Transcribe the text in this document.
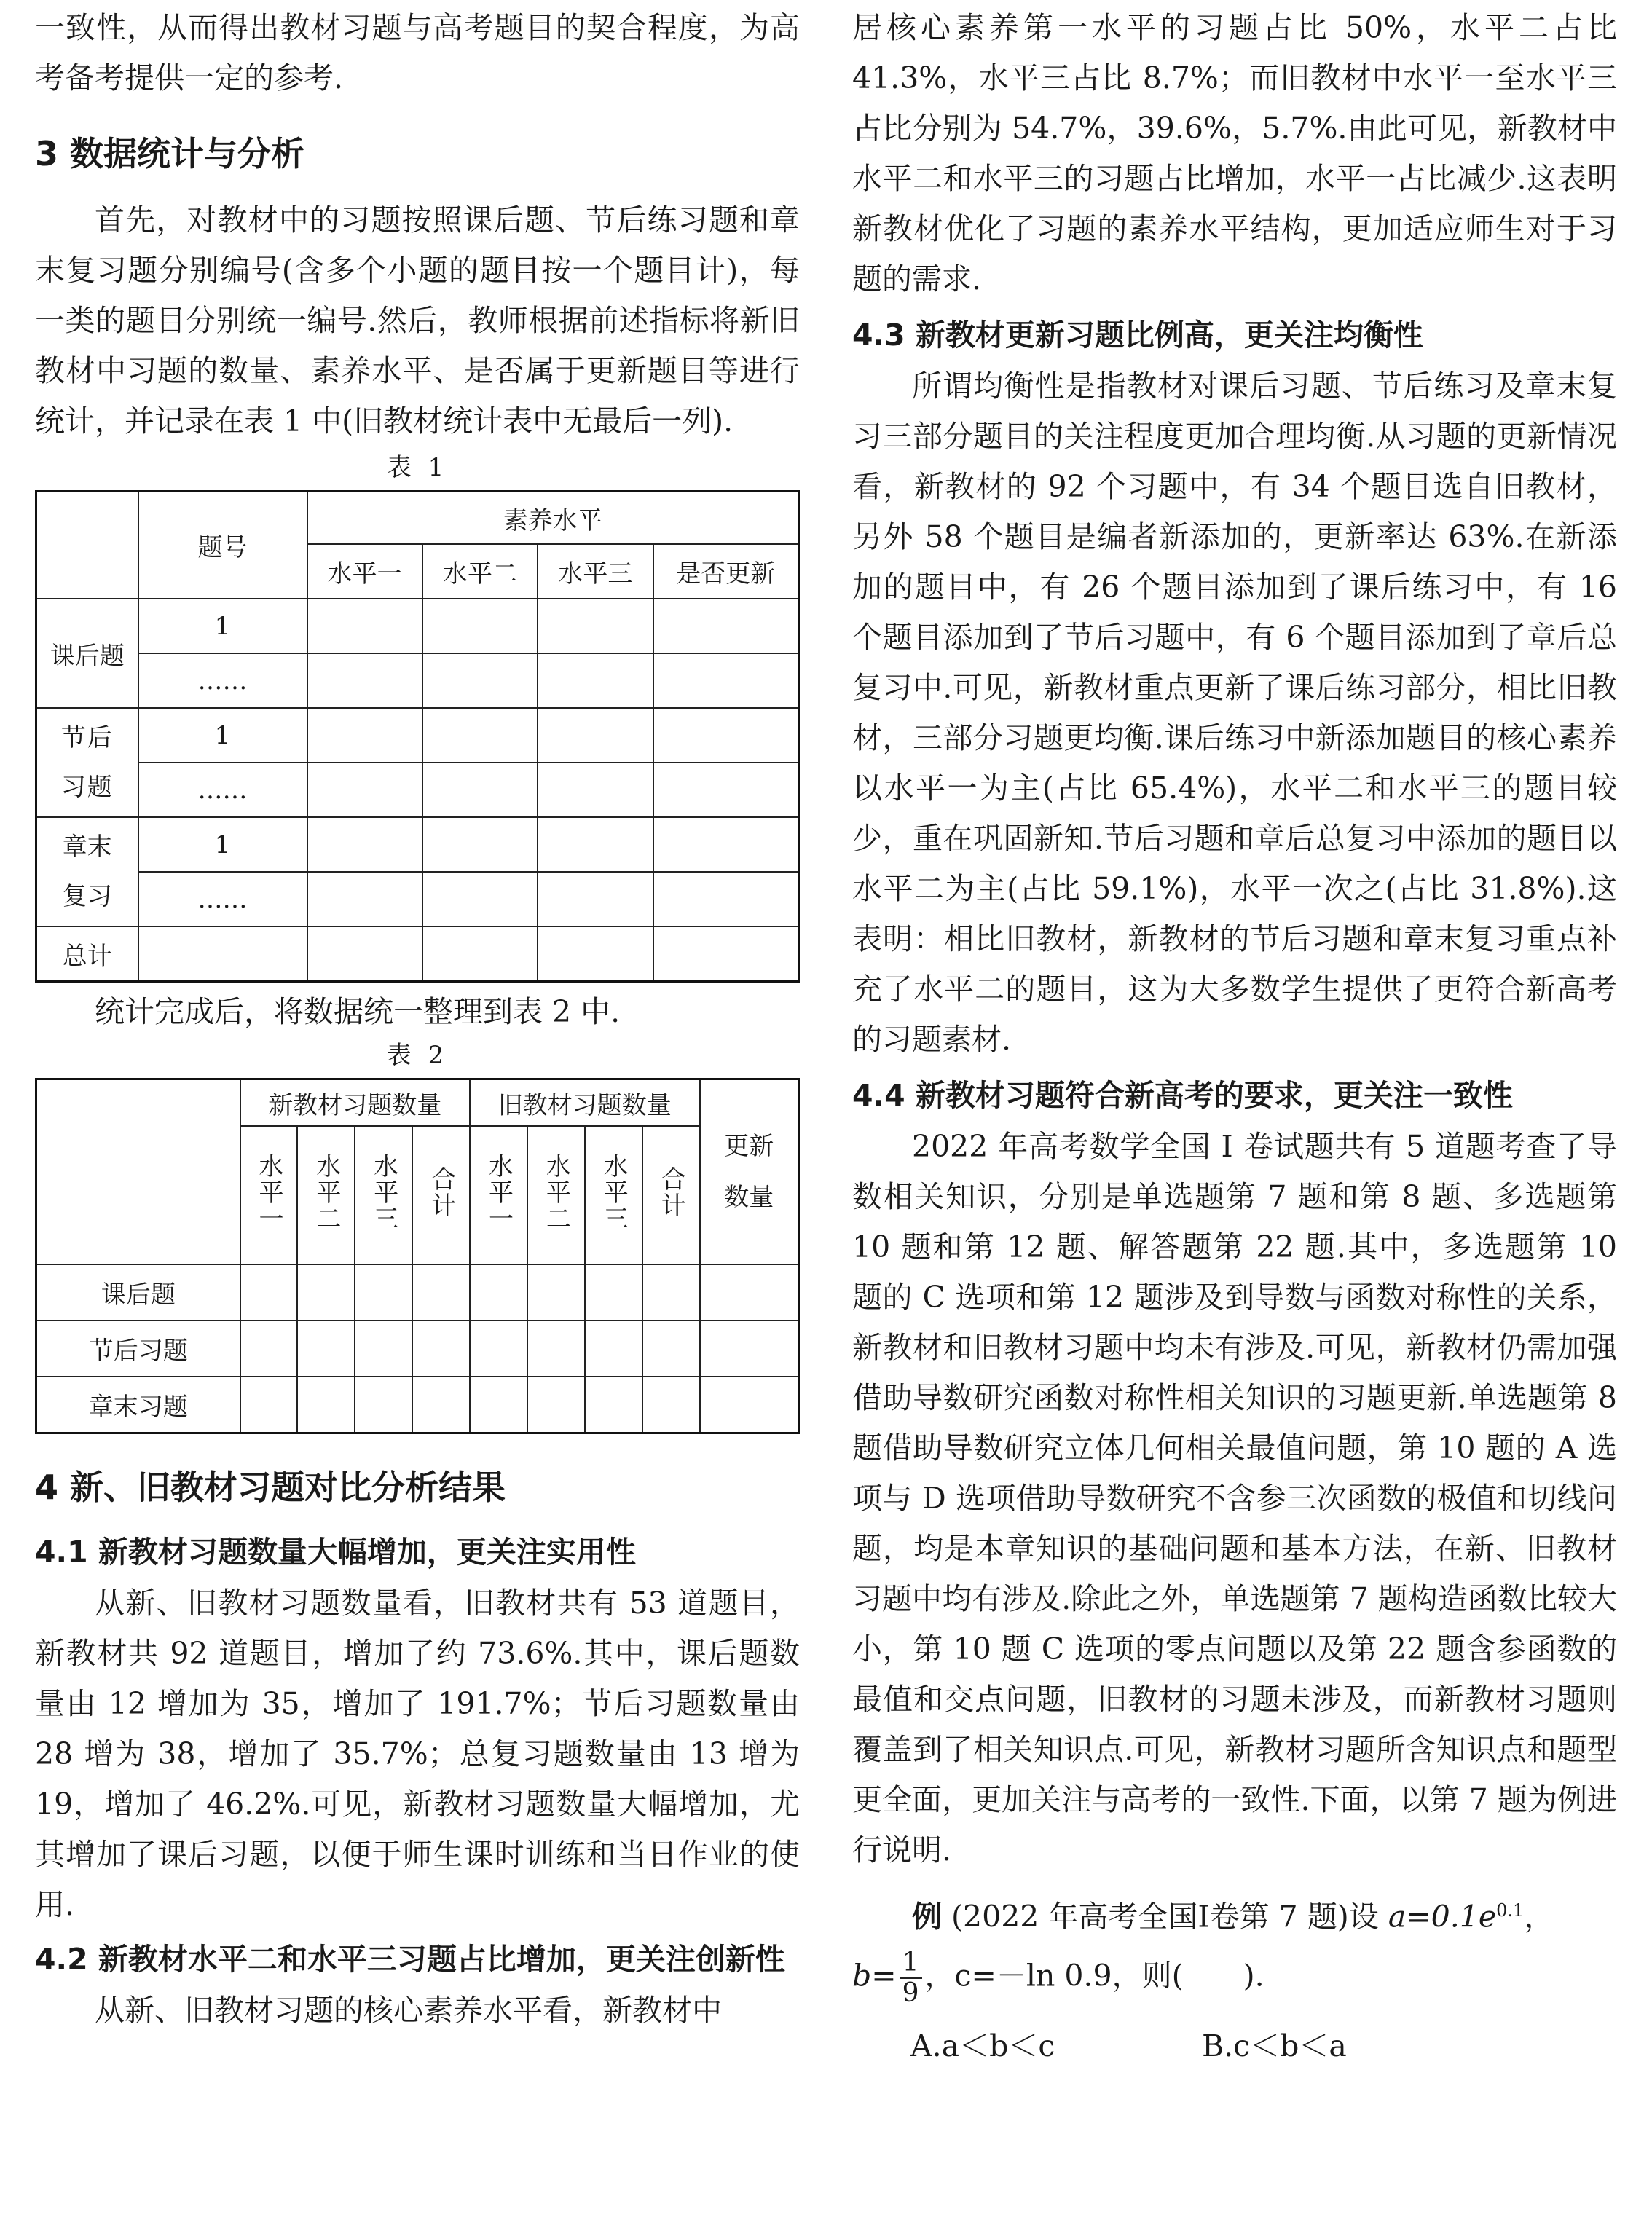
一致性，从而得出教材习题与高考题目的契合程度，为高考备考提供一定的参考.

3 数据统计与分析

首先，对教材中的习题按照课后题、节后练习题和章末复习题分别编号(含多个小题的题目按一个题目计)，每一类的题目分别统一编号.然后，教师根据前述指标将新旧教材中习题的数量、素养水平、是否属于更新题目等进行统计，并记录在表 1 中(旧教材统计表中无最后一列).

表 1
	题号	素养水平			
		水平一	水平二	水平三	是否更新
课后题	1				
	……				

节后习题	1				
	……				

章末复习	1				
	……				
总计					

统计完成后，将数据统一整理到表 2 中.

表 2
	新教材习题数量				旧教材习题数量				更新数量

	水平一	水平二	水平三	合计	水平一	水平二	水平三	合计	
课后题									
节后习题									
章末习题									
4 新、旧教材习题对比分析结果
4.1 新教材习题数量大幅增加，更关注实用性

从新、旧教材习题数量看，旧教材共有 53 道题目，新教材共 92 道题目，增加了约 73.6%.其中，课后题数量由 12 增加为 35，增加了 191.7%；节后习题数量由 28 增为 38，增加了 35.7%；总复习题数量由 13 增为 19，增加了 46.2%.可见，新教材习题数量大幅增加，尤其增加了课后习题，以便于师生课时训练和当日作业的使用.

4.2 新教材水平二和水平三习题占比增加，更关注创新性

从新、旧教材习题的核心素养水平看，新教材中

居核心素养第一水平的习题占比 50%，水平二占比 41.3%，水平三占比 8.7%；而旧教材中水平一至水平三占比分别为 54.7%，39.6%，5.7%.由此可见，新教材中水平二和水平三的习题占比增加，水平一占比减少.这表明新教材优化了习题的素养水平结构，更加适应师生对于习题的需求.

4.3 新教材更新习题比例高，更关注均衡性

所谓均衡性是指教材对课后习题、节后练习及章末复习三部分题目的关注程度更加合理均衡.从习题的更新情况看，新教材的 92 个习题中，有 34 个题目选自旧教材，另外 58 个题目是编者新添加的，更新率达 63%.在新添加的题目中，有 26 个题目添加到了课后练习中，有 16 个题目添加到了节后习题中，有 6 个题目添加到了章后总复习中.可见，新教材重点更新了课后练习部分，相比旧教材，三部分习题更均衡.课后练习中新添加题目的核心素养以水平一为主(占比 65.4%)，水平二和水平三的题目较少，重在巩固新知.节后习题和章后总复习中添加的题目以水平二为主(占比 59.1%)，水平一次之(占比 31.8%).这表明：相比旧教材，新教材的节后习题和章末复习重点补充了水平二的题目，这为大多数学生提供了更符合新高考的习题素材.

4.4 新教材习题符合新高考的要求，更关注一致性

2022 年高考数学全国 Ⅰ 卷试题共有 5 道题考查了导数相关知识，分别是单选题第 7 题和第 8 题、多选题第 10 题和第 12 题、解答题第 22 题.其中，多选题第 10 题的 C 选项和第 12 题涉及到导数与函数对称性的关系，新教材和旧教材习题中均未有涉及.可见，新教材仍需加强借助导数研究函数对称性相关知识的习题更新.单选题第 8 题借助导数研究立体几何相关最值问题，第 10 题的 A 选项与 D 选项借助导数研究不含参三次函数的极值和切线问题，均是本章知识的基础问题和基本方法，在新、旧教材习题中均有涉及.除此之外，单选题第 7 题构造函数比较大小，第 10 题 C 选项的零点问题以及第 22 题含参函数的最值和交点问题，旧教材的习题未涉及，而新教材习题则覆盖到了相关知识点.可见，新教材习题所含知识点和题型更全面，更加关注与高考的一致性.下面，以第 7 题为例进行说明.

例 (2022 年高考全国Ⅰ卷第 7 题)设 $a=0.1e^{0.1}$，
$b= \frac{1}{9}$ ，c=－ln 0.9，则(　　).
A.a＜b＜c	B.c＜b＜a
